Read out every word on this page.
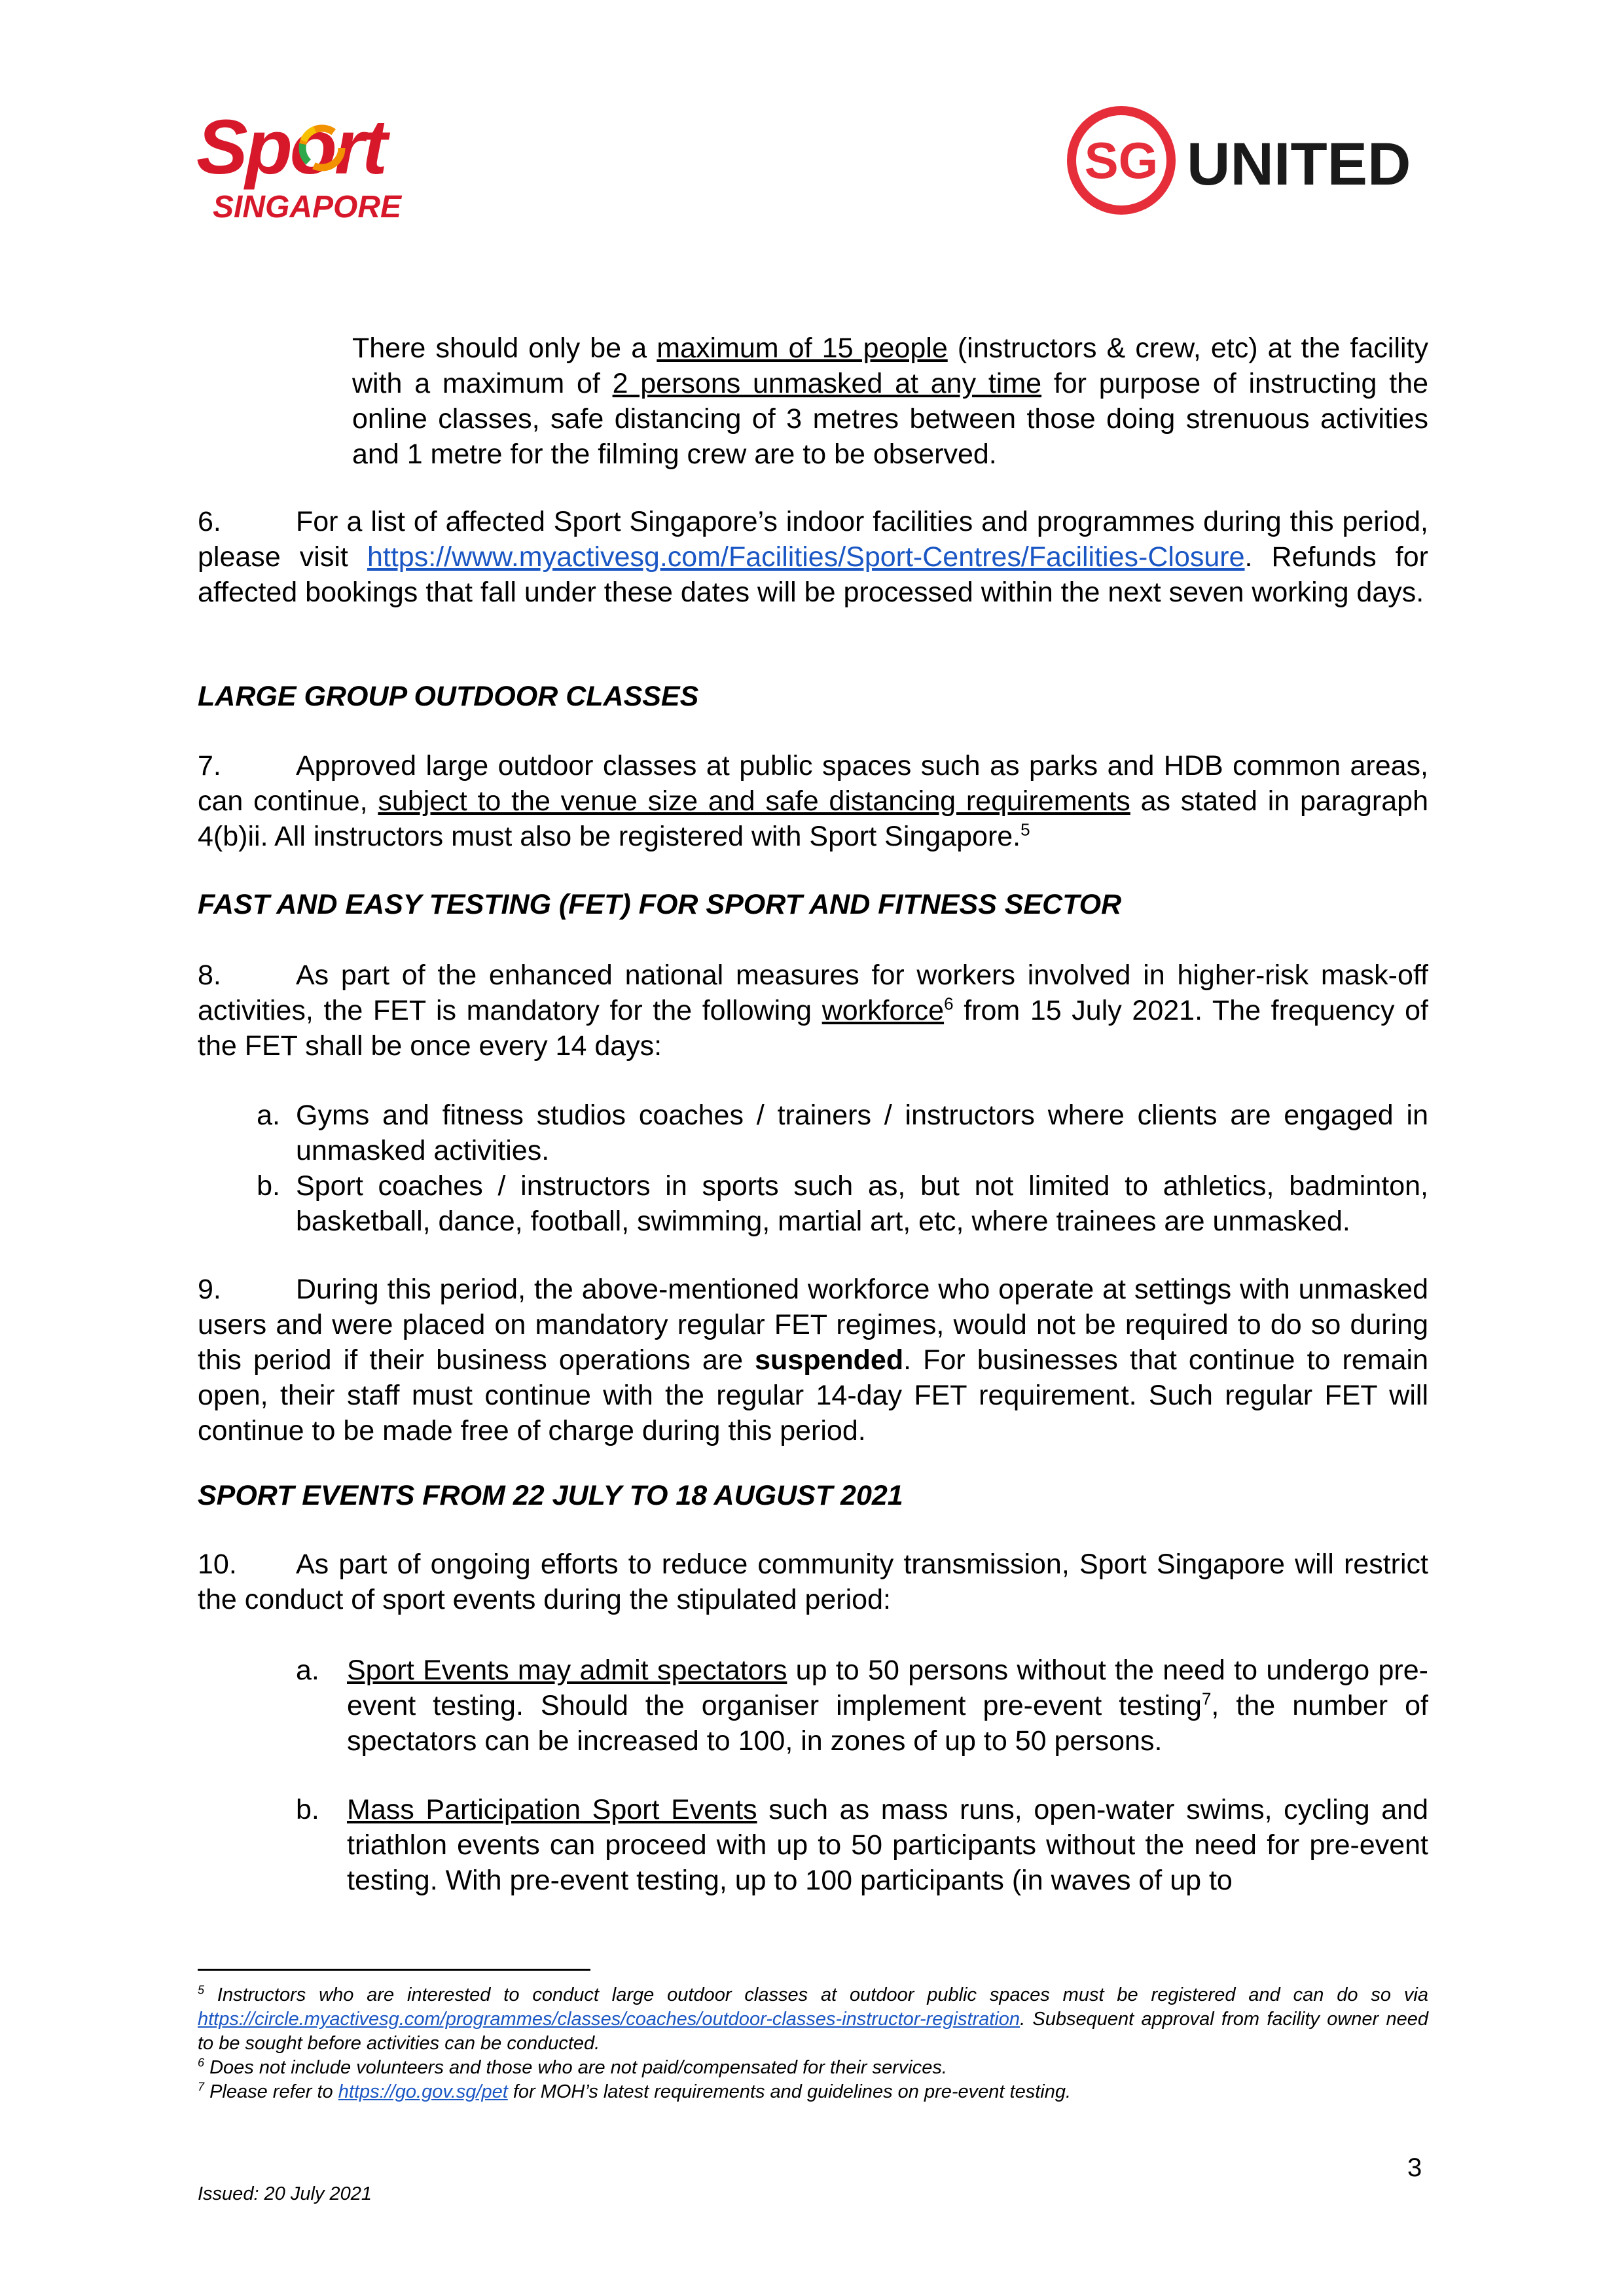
Sport
SINGAPORE
SG UNITED

There should only be a maximum of 15 people (instructors & crew, etc) at the facility with a maximum of 2 persons unmasked at any time for purpose of instructing the online classes, safe distancing of 3 metres between those doing strenuous activities and 1 metre for the filming crew are to be observed.

6.	For a list of affected Sport Singapore’s indoor facilities and programmes during this period, please visit https://www.myactivesg.com/Facilities/Sport-Centres/Facilities-Closure. Refunds for affected bookings that fall under these dates will be processed within the next seven working days.

LARGE GROUP OUTDOOR CLASSES

7.	Approved large outdoor classes at public spaces such as parks and HDB common areas, can continue, subject to the venue size and safe distancing requirements as stated in paragraph 4(b)ii. All instructors must also be registered with Sport Singapore.$^5$

FAST AND EASY TESTING (FET) FOR SPORT AND FITNESS SECTOR

8.	As part of the enhanced national measures for workers involved in higher-risk mask-off activities, the FET is mandatory for the following workforce$^6$ from 15 July 2021. The frequency of the FET shall be once every 14 days:

a. Gyms and fitness studios coaches / trainers / instructors where clients are engaged in unmasked activities.
b. Sport coaches / instructors in sports such as, but not limited to athletics, badminton, basketball, dance, football, swimming, martial art, etc, where trainees are unmasked.

9.	During this period, the above-mentioned workforce who operate at settings with unmasked users and were placed on mandatory regular FET regimes, would not be required to do so during this period if their business operations are suspended. For businesses that continue to remain open, their staff must continue with the regular 14-day FET requirement. Such regular FET will continue to be made free of charge during this period.

SPORT EVENTS FROM 22 JULY TO 18 AUGUST 2021

10. As part of ongoing efforts to reduce community transmission, Sport Singapore will restrict the conduct of sport events during the stipulated period:

a. Sport Events may admit spectators up to 50 persons without the need to undergo pre-event testing. Should the organiser implement pre-event testing$^7$, the number of spectators can be increased to 100, in zones of up to 50 persons.
b. Mass Participation Sport Events such as mass runs, open-water swims, cycling and triathlon events can proceed with up to 50 participants without the need for pre-event testing. With pre-event testing, up to 100 participants (in waves of up to

$^5$ Instructors who are interested to conduct large outdoor classes at outdoor public spaces must be registered and can do so via https://circle.myactivesg.com/programmes/classes/coaches/outdoor-classes-instructor-registration. Subsequent approval from facility owner need to be sought before activities can be conducted.

$^6$ Does not include volunteers and those who are not paid/compensated for their services.

$^7$ Please refer to https://go.gov.sg/pet for MOH’s latest requirements and guidelines on pre-event testing.

3
Issued: 20 July 2021
